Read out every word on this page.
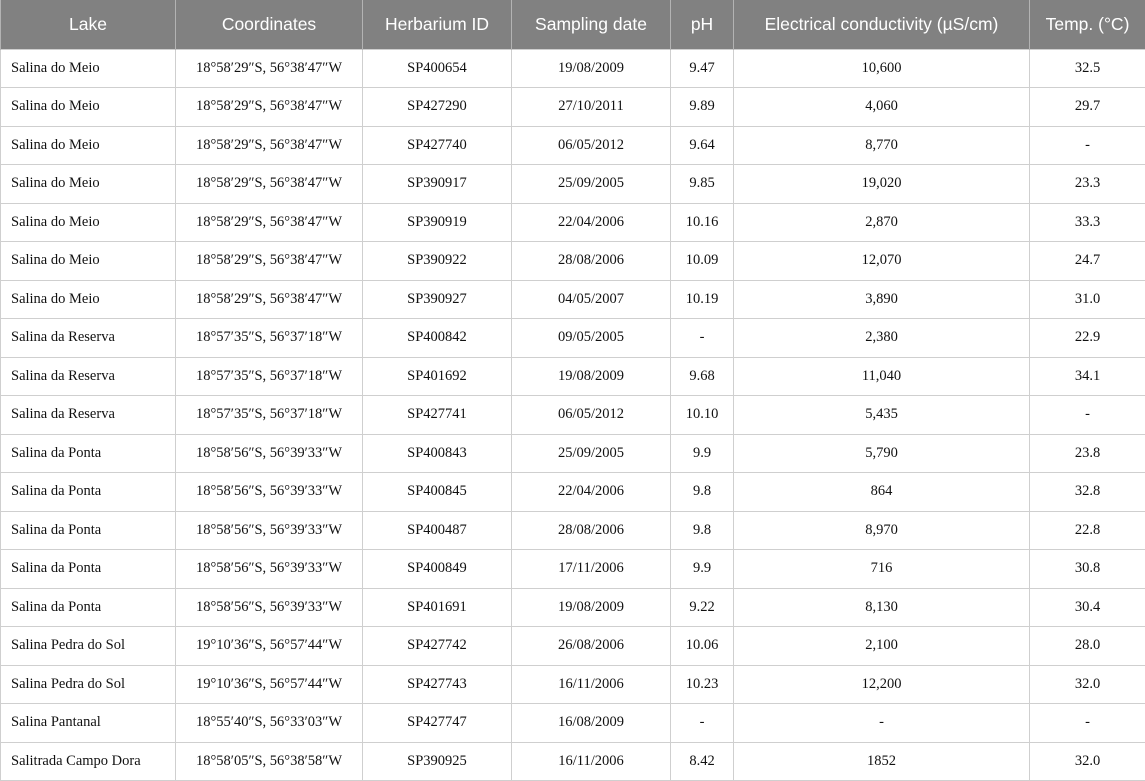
Lake	Coordinates	Herbarium ID	Sampling date	pH	Electrical conductivity (µS/cm)	Temp. (°C)
Salina do Meio	18°58′29″S, 56°38′47″W	SP400654	19/08/2009	9.47	10,600	32.5
Salina do Meio	18°58′29″S, 56°38′47″W	SP427290	27/10/2011	9.89	4,060	29.7
Salina do Meio	18°58′29″S, 56°38′47″W	SP427740	06/05/2012	9.64	8,770	-
Salina do Meio	18°58′29″S, 56°38′47″W	SP390917	25/09/2005	9.85	19,020	23.3
Salina do Meio	18°58′29″S, 56°38′47″W	SP390919	22/04/2006	10.16	2,870	33.3
Salina do Meio	18°58′29″S, 56°38′47″W	SP390922	28/08/2006	10.09	12,070	24.7
Salina do Meio	18°58′29″S, 56°38′47″W	SP390927	04/05/2007	10.19	3,890	31.0
Salina da Reserva	18°57′35″S, 56°37′18″W	SP400842	09/05/2005	-	2,380	22.9
Salina da Reserva	18°57′35″S, 56°37′18″W	SP401692	19/08/2009	9.68	11,040	34.1
Salina da Reserva	18°57′35″S, 56°37′18″W	SP427741	06/05/2012	10.10	5,435	-
Salina da Ponta	18°58′56″S, 56°39′33″W	SP400843	25/09/2005	9.9	5,790	23.8
Salina da Ponta	18°58′56″S, 56°39′33″W	SP400845	22/04/2006	9.8	864	32.8
Salina da Ponta	18°58′56″S, 56°39′33″W	SP400487	28/08/2006	9.8	8,970	22.8
Salina da Ponta	18°58′56″S, 56°39′33″W	SP400849	17/11/2006	9.9	716	30.8
Salina da Ponta	18°58′56″S, 56°39′33″W	SP401691	19/08/2009	9.22	8,130	30.4
Salina Pedra do Sol	19°10′36″S, 56°57′44″W	SP427742	26/08/2006	10.06	2,100	28.0
Salina Pedra do Sol	19°10′36″S, 56°57′44″W	SP427743	16/11/2006	10.23	12,200	32.0
Salina Pantanal	18°55′40″S, 56°33′03″W	SP427747	16/08/2009	-	-	-
Salitrada Campo Dora	18°58′05″S, 56°38′58″W	SP390925	16/11/2006	8.42	1852	32.0
